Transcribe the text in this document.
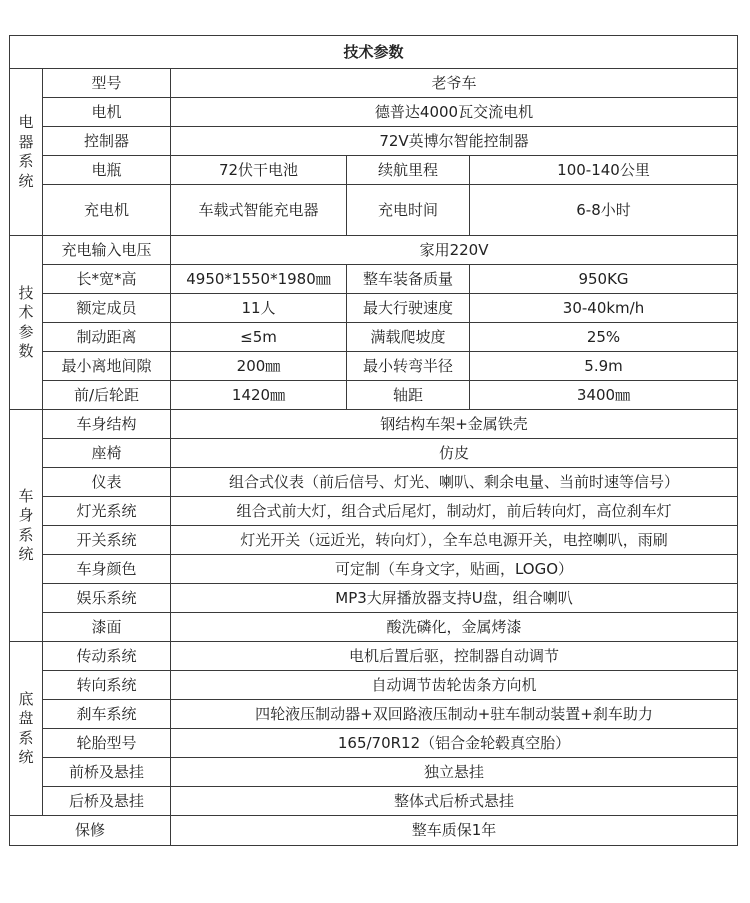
技术参数				
电器系统	型号	老爷车		
	电机	德普达4000瓦交流电机		
	控制器	72V英博尔智能控制器		
	电瓶	72伏干电池	续航里程	100-140公里
	充电机	车载式智能充电器	充电时间	6-8小时
技术参数	充电输入电压	家用220V		
	长*宽*高	4950*1550*1980㎜	整车装备质量	950KG
	额定成员	11人	最大行驶速度	30-40km/h
	制动距离	≤5m	满载爬坡度	25%
	最小离地间隙	200㎜	最小转弯半径	5.9m
	前/后轮距	1420㎜	轴距	3400㎜
车身系统	车身结构	钢结构车架+金属铁壳		
	座椅	仿皮		
	仪表	组合式仪表（前后信号、灯光、喇叭、剩余电量、当前时速等信号）		
	灯光系统	组合式前大灯，组合式后尾灯，制动灯，前后转向灯，高位刹车灯		
	开关系统	灯光开关（远近光，转向灯），全车总电源开关，电控喇叭，雨刷		
	车身颜色	可定制（车身文字，贴画，LOGO）		
	娱乐系统	MP3大屏播放器支持U盘，组合喇叭		
	漆面	酸洗磷化，金属烤漆		
底盘系统	传动系统	电机后置后驱，控制器自动调节		
	转向系统	自动调节齿轮齿条方向机		
	刹车系统	四轮液压制动器+双回路液压制动+驻车制动装置+刹车助力		
	轮胎型号	165/70R12（铝合金轮毂真空胎）		
	前桥及悬挂	独立悬挂		
	后桥及悬挂	整体式后桥式悬挂		
保修		整车质保1年		
